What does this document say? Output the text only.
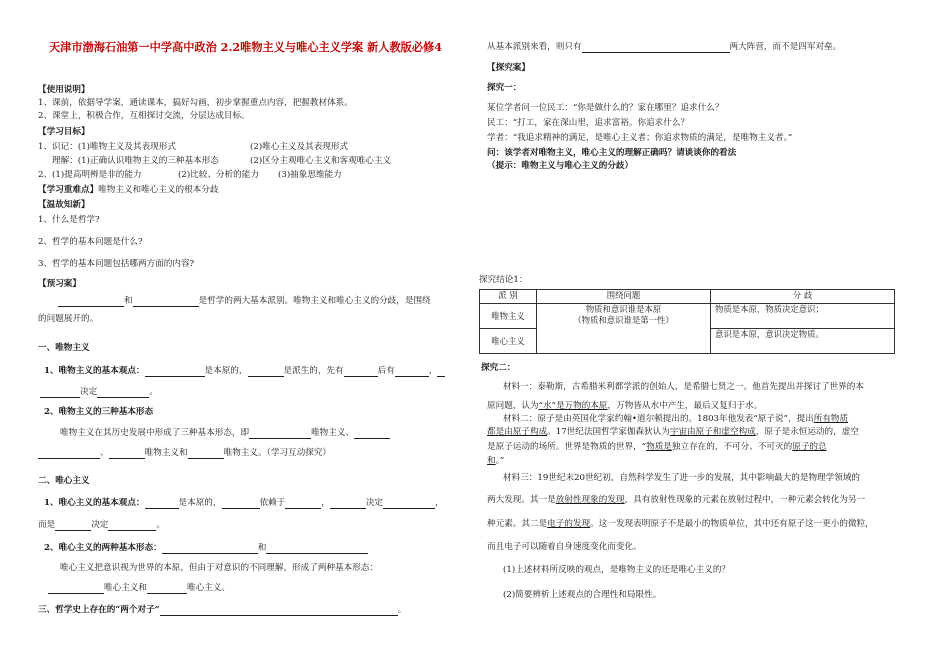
天津市渤海石油第一中学高中政治 2.2唯物主义与唯心主义学案 新人教版必修4
【使用说明】
1、课前，依据导学案，通读课本，搞好勾画，初步掌握重点内容，把握教材体系。
2、课堂上，积极合作，互相探讨交流，分层达成目标。
【学习目标】
1、识记：(1)唯物主义及其表现形式	(2)唯心主义及其表现形式
理解：(1)正确认识唯物主义的三种基本形态	(2)区分主观唯心主义和客观唯心主义
2、(1)提高明辨是非的能力	(2)比较、分析的能力 (3)抽象思维能力
【学习重难点】唯物主义和唯心主义的根本分歧
【温故知新】
1、什么是哲学?
2、哲学的基本问题是什么?
3、哲学的基本问题包括哪两方面的内容?
【预习案】
和	是哲学的两大基本派别。唯物主义和唯心主义的分歧，是围绕
的问题展开的。
一、唯物主义
1、唯物主义的基本观点：	是本原的，	是派生的，先有	后有	，
决定	。
2、唯物主义的三种基本形态
唯物主义在其历史发展中形成了三种基本形态，即	唯物主义、
、	唯物主义和	唯物主义。（学习互动探究）
二、唯心主义
1、唯心主义的基本观点：	是本原的，	依赖于	，	决定	，
而是	决定	。
2、唯心主义的两种基本形态：	和
唯心主义把意识视为世界的本原，但由于对意识的不同理解，形成了两种基本形态：
唯心主义和	唯心主义。
三、哲学史上存在的“两个对子”	。
从基本派别来看，则只有	两大阵营，而不是四军对垒。
【探究案】
探究一：
某位学者问一位民工：“你是做什么的？家在哪里？追求什么？
民工：“打工，家在深山里，追求富裕。你追求什么？
学者：“我追求精神的满足，是唯心主义者；你追求物质的满足，是唯物主义者。”
问：该学者对唯物主义，唯心主义的理解正确吗？请谈谈你的看法
（提示：唯物主义与唯心主义的分歧）
探究结论1：
派 别	围绕问题	分 歧
唯物主义	物质和意识谁是本原
（物质和意识谁是第一性）	物质是本原，物质决定意识；
唯心主义		意识是本原，意识决定物质。
探究二：
材料一：泰勒斯，古希腊米利都学派的创始人，是希腊七贤之一。他首先提出并探讨了世界的本
原问题，认为“水”是万物的本原，万物皆从水中产生，最后又复归于水。
材料二：原子是由英国化学家约翰•道尔顿提出的。1803年他发表“原子说”，提出所有物质
都是由原子构成。17世纪法国哲学家伽森狄认为宇宙由原子和虚空构成，原子是永恒运动的，虚空
是原子运动的场所。世界是物质的世界，“物质是独立存在的，不可分、不可灭的原子的总
和。”
材料三：19世纪末20世纪初，自然科学发生了进一步的发展，其中影响最大的是物理学领域的
两大发现。其一是放射性现象的发现，具有放射性现象的元素在放射过程中，一种元素会转化为另一
种元素。其二是电子的发现。这一发现表明原子不是最小的物质单位，其中还有原子这一更小的微粒，
而且电子可以随着自身速度变化而变化。
(1)上述材料所反映的观点，是唯物主义的还是唯心主义的？
(2)简要辨析上述观点的合理性和局限性。
